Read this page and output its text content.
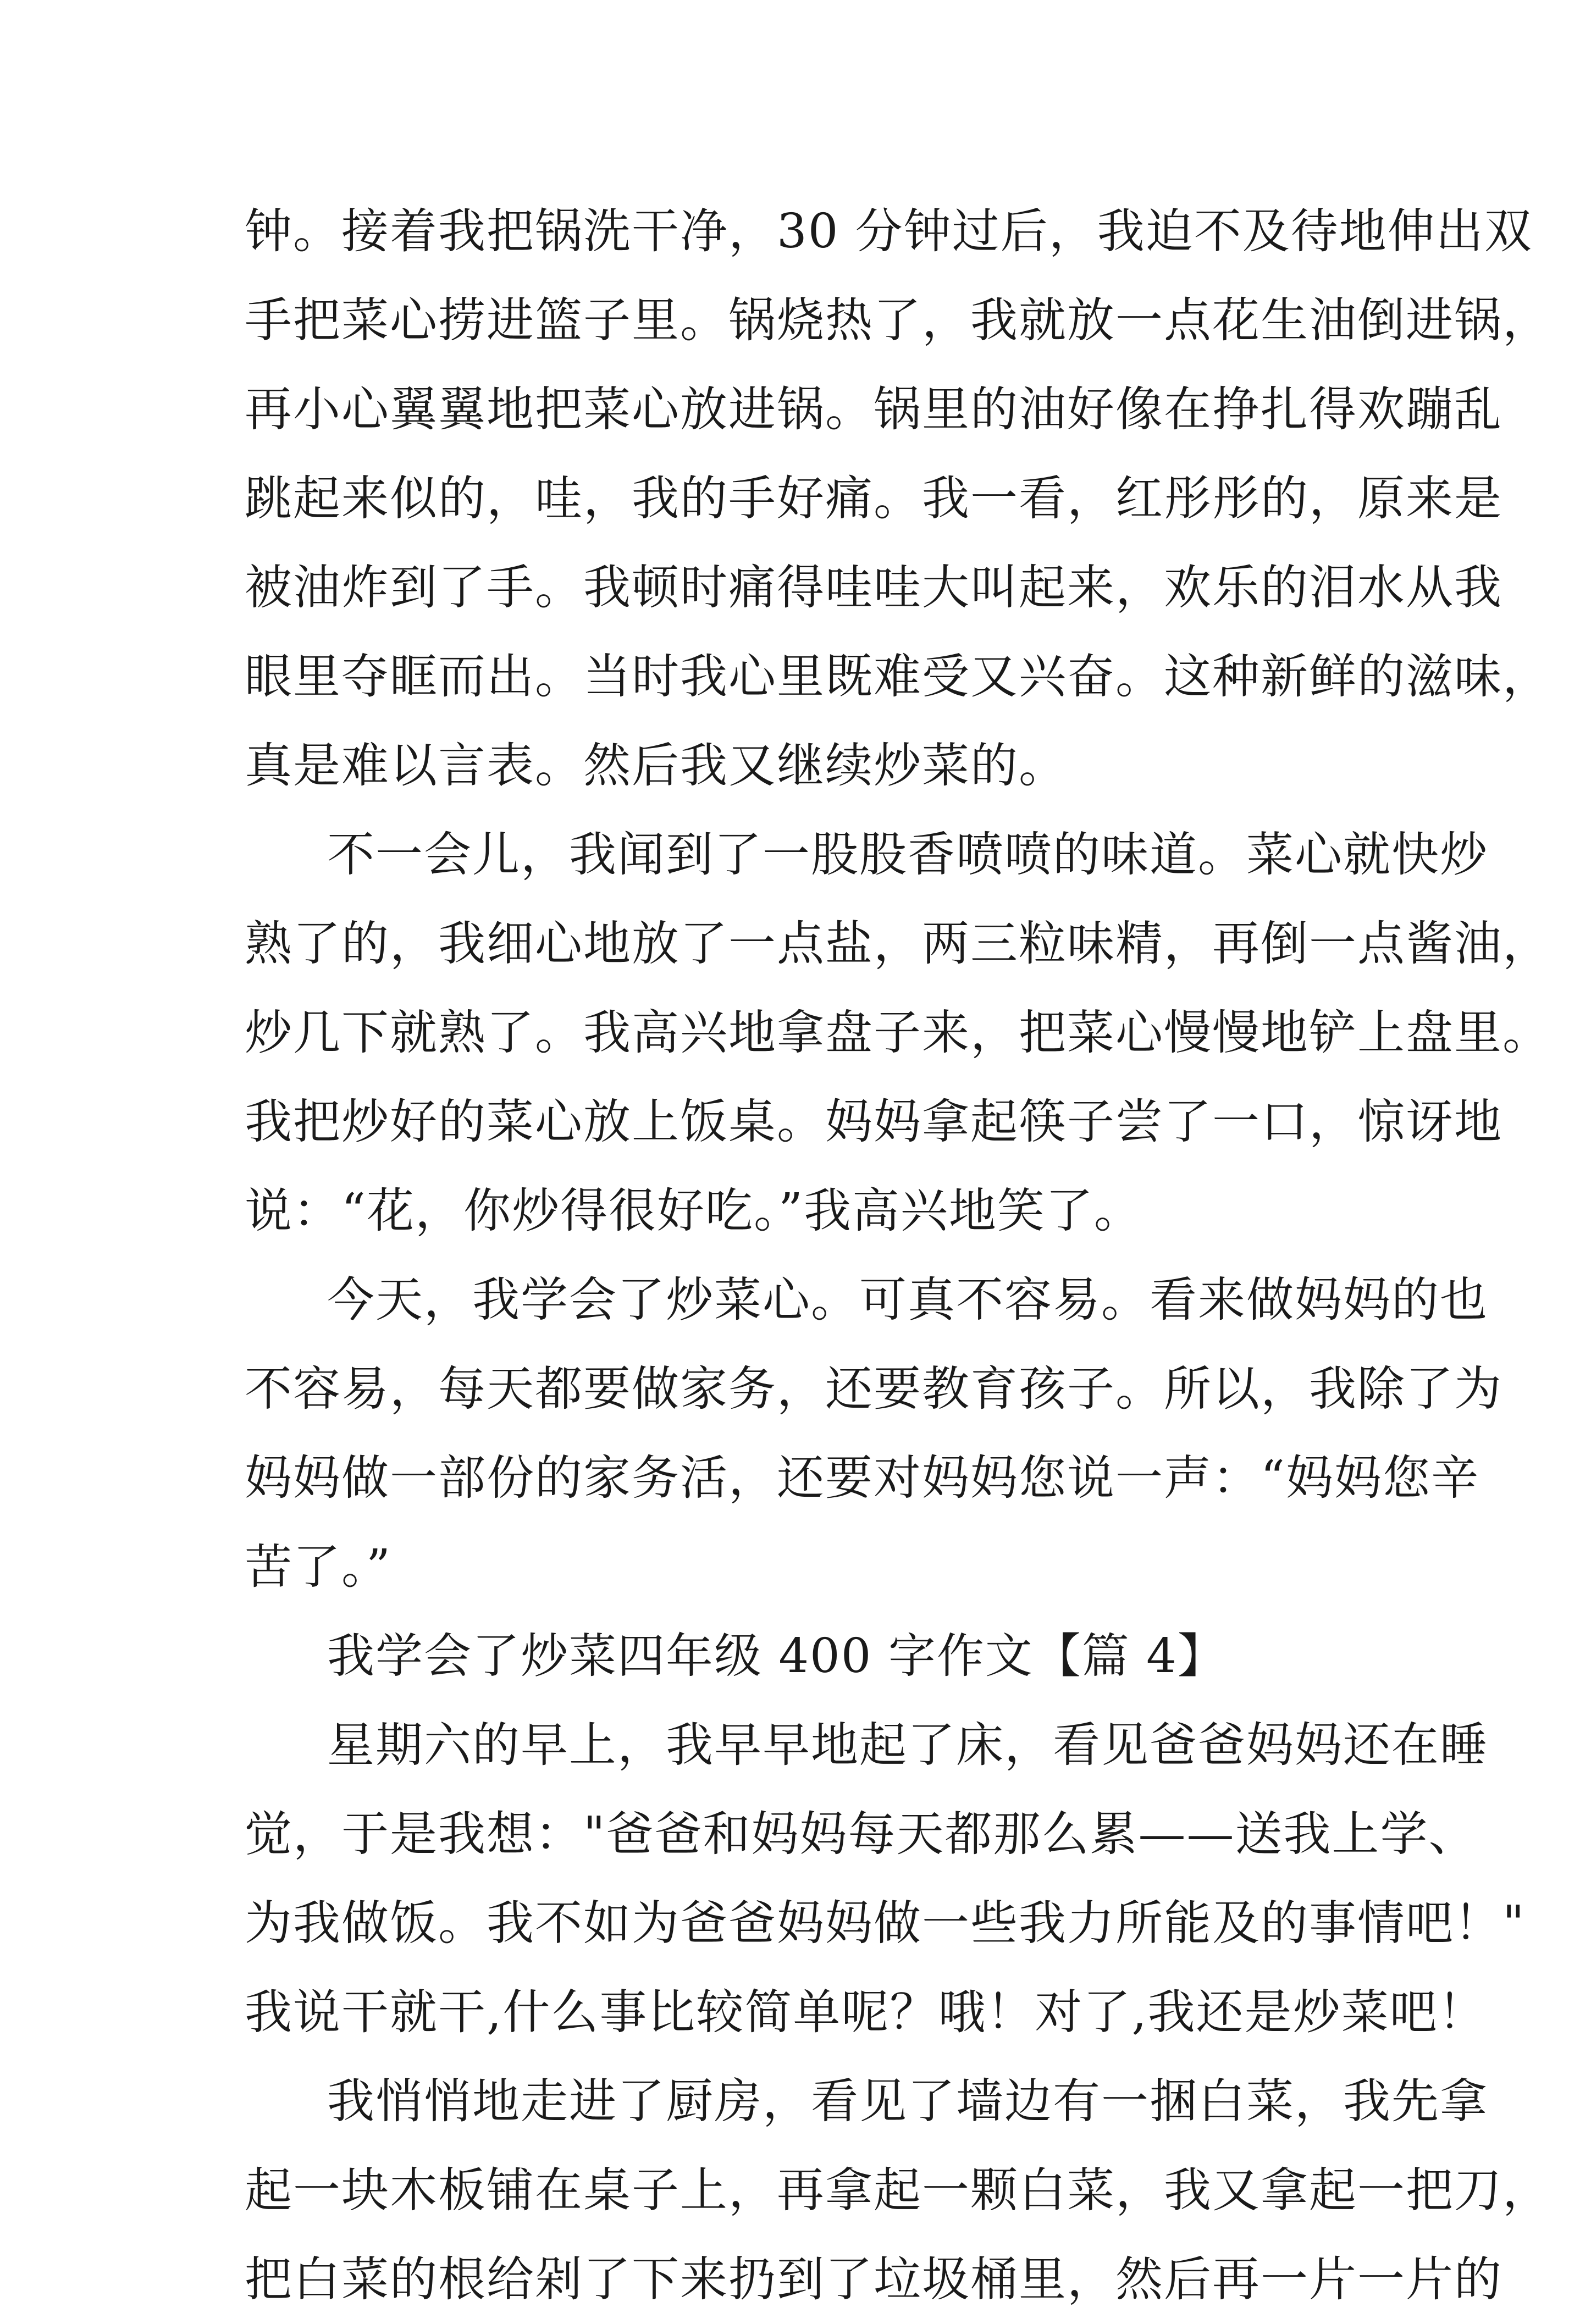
钟。接着我把锅洗干净，30 分钟过后，我迫不及待地伸出双
手把菜心捞进篮子里。锅烧热了，我就放一点花生油倒进锅，
再小心翼翼地把菜心放进锅。锅里的油好像在挣扎得欢蹦乱
跳起来似的，哇，我的手好痛。我一看，红彤彤的，原来是
被油炸到了手。我顿时痛得哇哇大叫起来，欢乐的泪水从我
眼里夺眶而出。当时我心里既难受又兴奋。这种新鲜的滋味，
真是难以言表。然后我又继续炒菜的。
不一会儿，我闻到了一股股香喷喷的味道。菜心就快炒
熟了的，我细心地放了一点盐，两三粒味精，再倒一点酱油，
炒几下就熟了。我高兴地拿盘子来，把菜心慢慢地铲上盘里。
我把炒好的菜心放上饭桌。妈妈拿起筷子尝了一口，惊讶地
说：“花，你炒得很好吃。”我高兴地笑了。
今天，我学会了炒菜心。可真不容易。看来做妈妈的也
不容易，每天都要做家务，还要教育孩子。所以，我除了为
妈妈做一部份的家务活，还要对妈妈您说一声：“妈妈您辛
苦了。”
我学会了炒菜四年级 400 字作文【篇 4】
星期六的早上，我早早地起了床，看见爸爸妈妈还在睡
觉，于是我想："爸爸和妈妈每天都那么累——送我上学、
为我做饭。我不如为爸爸妈妈做一些我力所能及的事情吧！"
我说干就干,什么事比较简单呢？哦！对了,我还是炒菜吧！
我悄悄地走进了厨房，看见了墙边有一捆白菜，我先拿
起一块木板铺在桌子上，再拿起一颗白菜，我又拿起一把刀，
把白菜的根给剁了下来扔到了垃圾桶里，然后再一片一片的
